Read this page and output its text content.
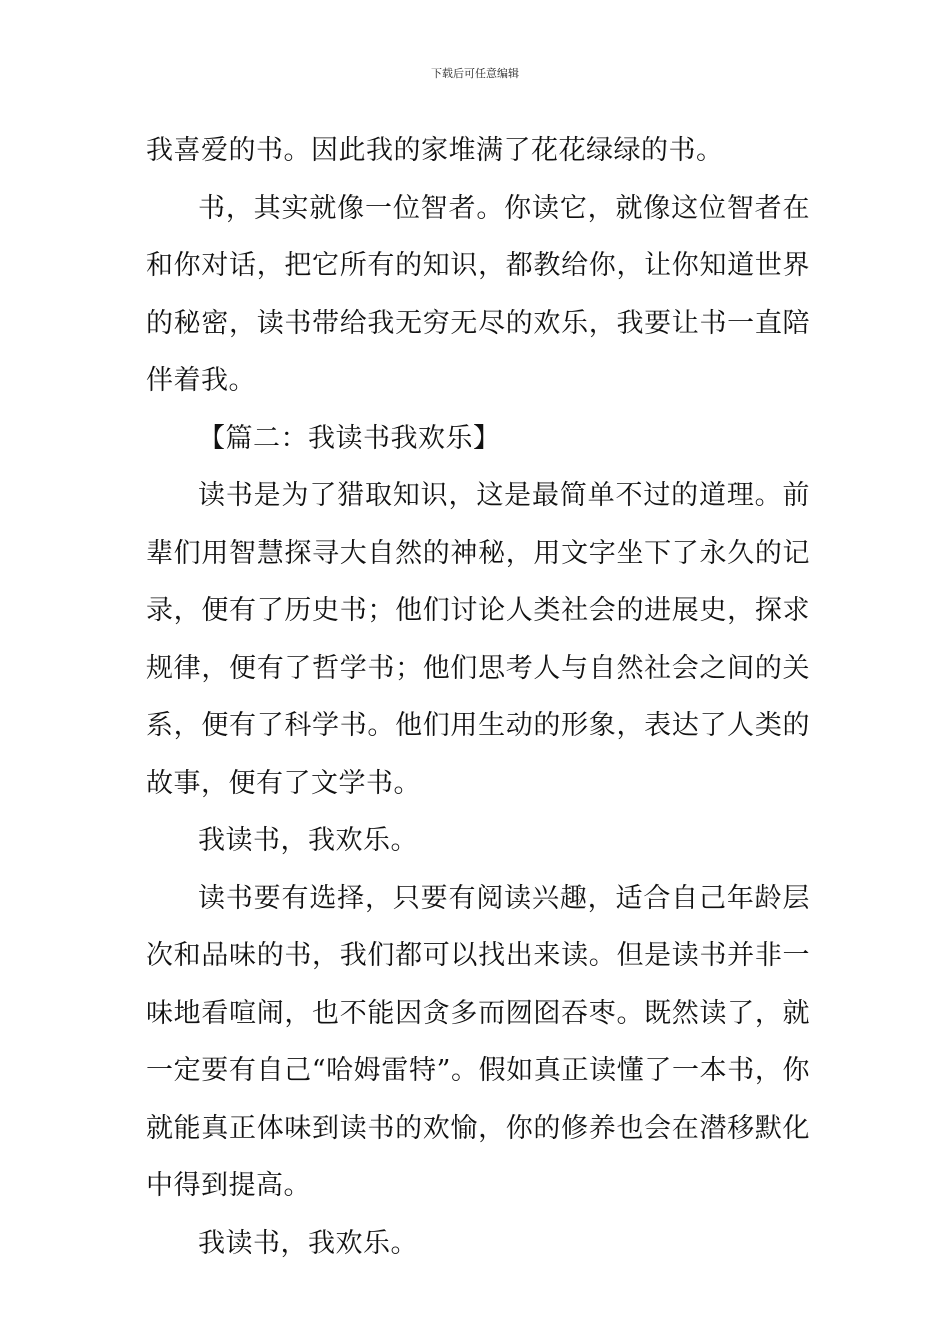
下载后可任意编辑

我喜爱的书。因此我的家堆满了花花绿绿的书。

书，其实就像一位智者。你读它，就像这位智者在和你对话，把它所有的知识，都教给你，让你知道世界的秘密，读书带给我无穷无尽的欢乐，我要让书一直陪伴着我。

【篇二：我读书我欢乐】

读书是为了猎取知识，这是最简单不过的道理。前辈们用智慧探寻大自然的神秘，用文字坐下了永久的记录，便有了历史书；他们讨论人类社会的进展史，探求规律，便有了哲学书；他们思考人与自然社会之间的关系，便有了科学书。他们用生动的形象，表达了人类的故事，便有了文学书。

我读书，我欢乐。

读书要有选择，只要有阅读兴趣，适合自己年龄层次和品味的书，我们都可以找出来读。但是读书并非一味地看喧闹，也不能因贪多而囫囵吞枣。既然读了，就一定要有自己“哈姆雷特”。假如真正读懂了一本书，你就能真正体味到读书的欢愉，你的修养也会在潜移默化中得到提高。

我读书，我欢乐。
